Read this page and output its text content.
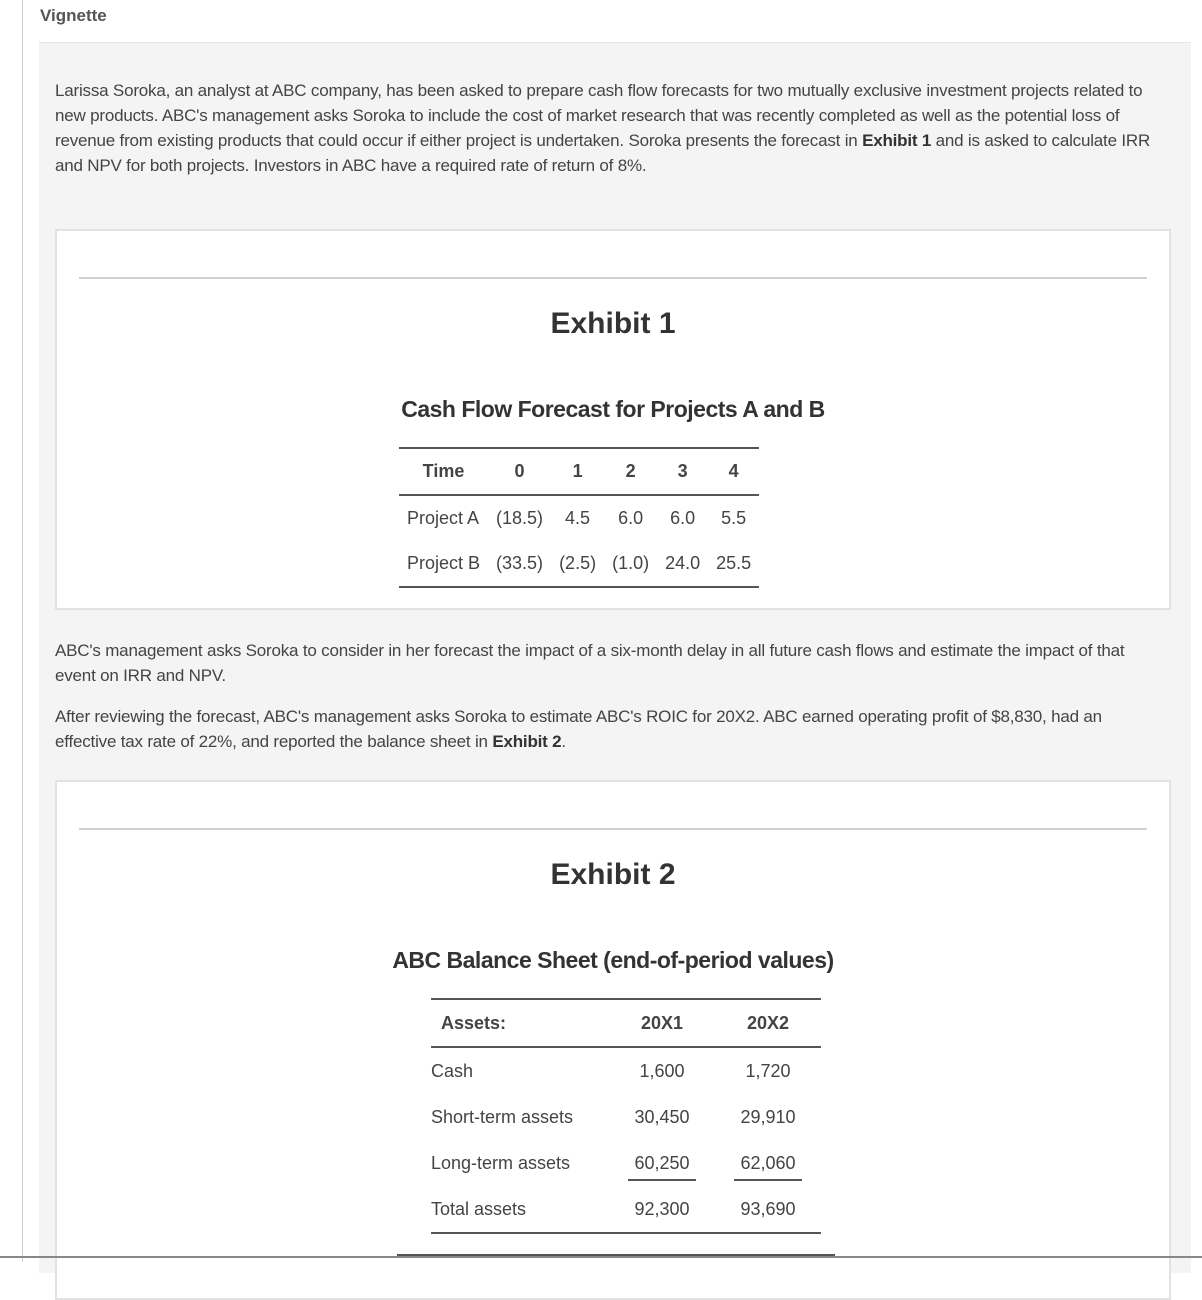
Vignette
Larissa Soroka, an analyst at ABC company, has been asked to prepare cash flow forecasts for two mutually exclusive investment projects related to new products. ABC's management asks Soroka to include the cost of market research that was recently completed as well as the potential loss of revenue from existing products that could occur if either project is undertaken. Soroka presents the forecast in Exhibit 1 and is asked to calculate IRR and NPV for both projects. Investors in ABC have a required rate of return of 8%.
Exhibit 1
Cash Flow Forecast for Projects A and B
Time	0	1	2	3	4
Project A	(18.5)	4.5	6.0	6.0	5.5
Project B	(33.5)	(2.5)	(1.0)	24.0	25.5
ABC's management asks Soroka to consider in her forecast the impact of a six-month delay in all future cash flows and estimate the impact of that event on IRR and NPV.
After reviewing the forecast, ABC's management asks Soroka to estimate ABC's ROIC for 20X2. ABC earned operating profit of $8,830, had an effective tax rate of 22%, and reported the balance sheet in Exhibit 2.
Exhibit 2
ABC Balance Sheet (end-of-period values)
Assets:	20X1	20X2
Cash	1,600	1,720
Short-term assets	30,450	29,910
Long-term assets	60,250	62,060
Total assets	92,300	93,690
